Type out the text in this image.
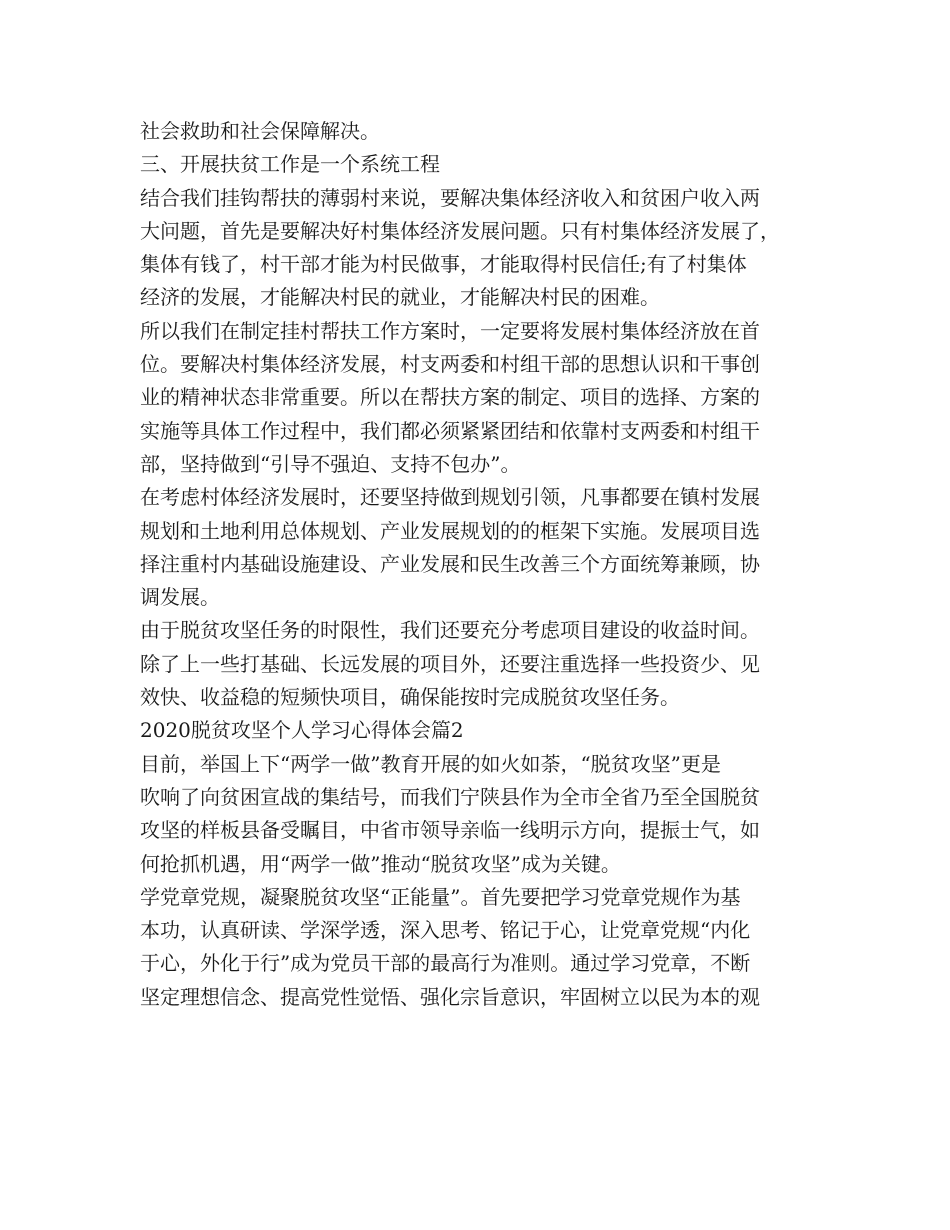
社会救助和社会保障解决。

三、开展扶贫工作是一个系统工程

结合我们挂钩帮扶的薄弱村来说，要解决集体经济收入和贫困户收入两

大问题，首先是要解决好村集体经济发展问题。只有村集体经济发展了，

集体有钱了，村干部才能为村民做事，才能取得村民信任;有了村集体

经济的发展，才能解决村民的就业，才能解决村民的困难。

所以我们在制定挂村帮扶工作方案时，一定要将发展村集体经济放在首

位。要解决村集体经济发展，村支两委和村组干部的思想认识和干事创

业的精神状态非常重要。所以在帮扶方案的制定、项目的选择、方案的

实施等具体工作过程中，我们都必须紧紧团结和依靠村支两委和村组干

部，坚持做到“引导不强迫、支持不包办”。

在考虑村体经济发展时，还要坚持做到规划引领，凡事都要在镇村发展

规划和土地利用总体规划、产业发展规划的的框架下实施。发展项目选

择注重村内基础设施建设、产业发展和民生改善三个方面统筹兼顾，协

调发展。

由于脱贫攻坚任务的时限性，我们还要充分考虑项目建设的收益时间。

除了上一些打基础、长远发展的项目外，还要注重选择一些投资少、见

效快、收益稳的短频快项目，确保能按时完成脱贫攻坚任务。

2020脱贫攻坚个人学习心得体会篇2

目前，举国上下“两学一做”教育开展的如火如荼，“脱贫攻坚”更是

吹响了向贫困宣战的集结号，而我们宁陕县作为全市全省乃至全国脱贫

攻坚的样板县备受瞩目，中省市领导亲临一线明示方向，提振士气，如

何抢抓机遇，用“两学一做”推动“脱贫攻坚”成为关键。

学党章党规，凝聚脱贫攻坚“正能量”。首先要把学习党章党规作为基

本功，认真研读、学深学透，深入思考、铭记于心，让党章党规“内化

于心，外化于行”成为党员干部的最高行为准则。通过学习党章，不断

坚定理想信念、提高党性觉悟、强化宗旨意识，牢固树立以民为本的观
